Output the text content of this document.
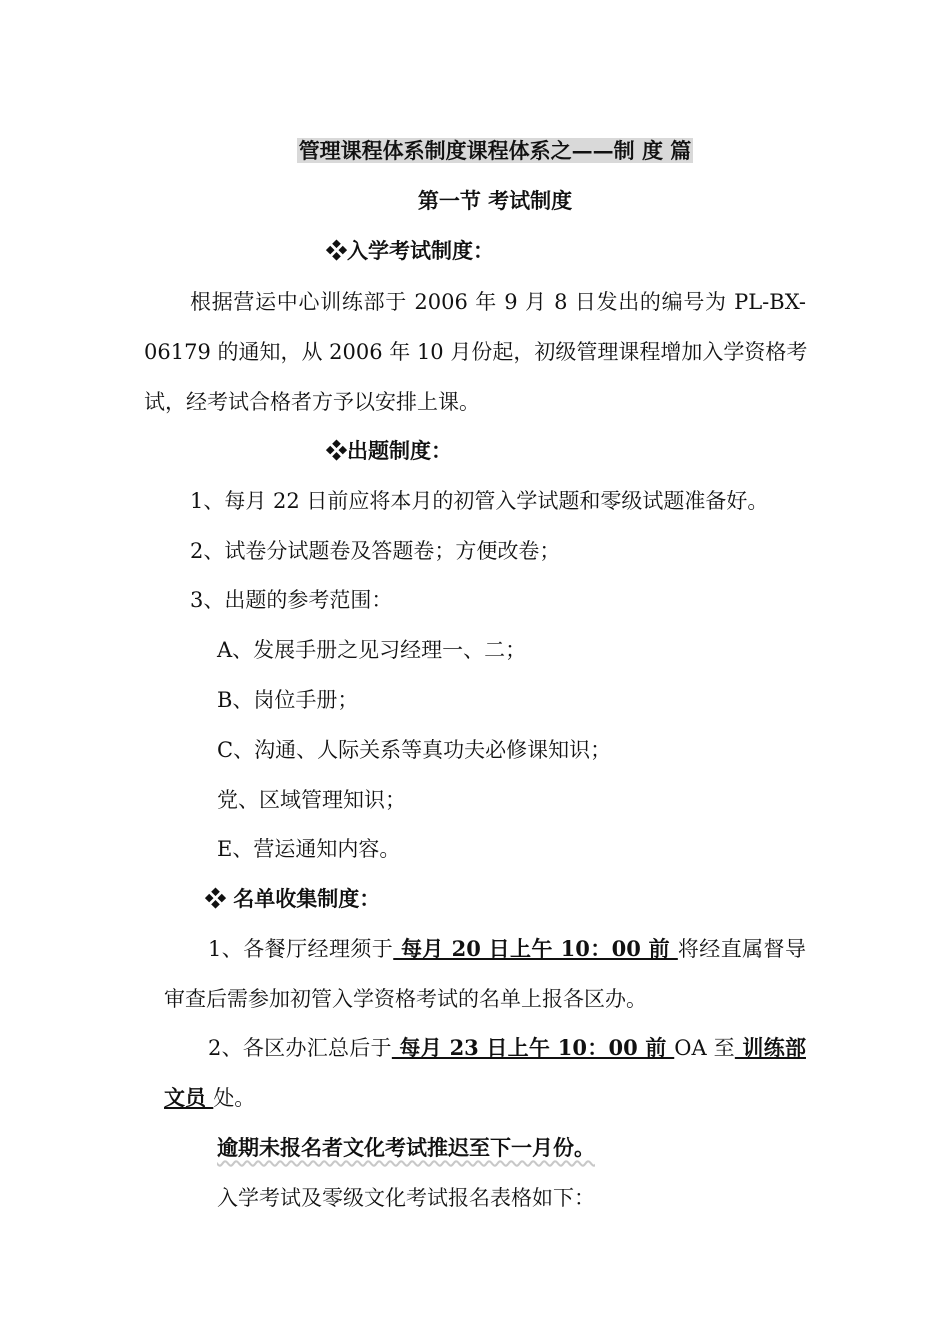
管理课程体系制度课程体系之——制 度 篇
第一节 考试制度
❖入学考试制度：
根据营运中心训练部于 2006 年 9 月 8 日发出的编号为 PL-BX-
06179 的通知，从 2006 年 10 月份起，初级管理课程增加入学资格考
试，经考试合格者方予以安排上课。
❖出题制度：
1、每月 22 日前应将本月的初管入学试题和零级试题准备好。
2、试卷分试题卷及答题卷；方便改卷；
3、出题的参考范围：
A、发展手册之见习经理一、二；
B、岗位手册；
C、沟通、人际关系等真功夫必修课知识；
党、区域管理知识；
E、营运通知内容。
❖ 名单收集制度：
1、各餐厅经理须于 每月 20 日上午 10：00 前 将经直属督导
审查后需参加初管入学资格考试的名单上报各区办。
2、各区办汇总后于 每月 23 日上午 10：00 前 OA 至 训练部
文员 处。
逾期未报名者文化考试推迟至下一月份。
入学考试及零级文化考试报名表格如下：
